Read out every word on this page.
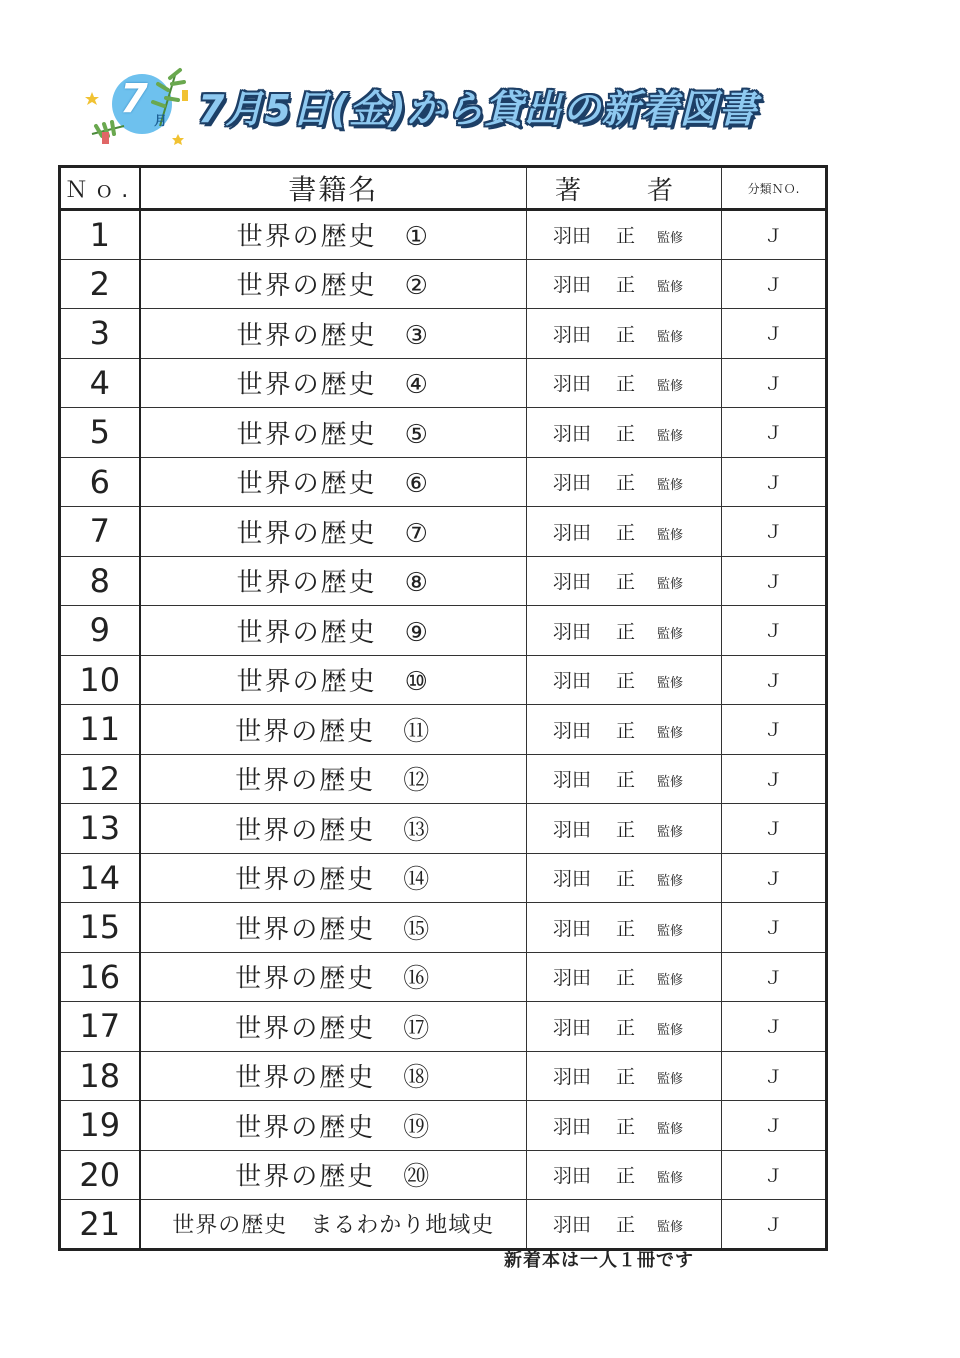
7 月 7月5日(金)から貸出の新着図書
Ｎｏ.	書籍名	著　者	分類ＮＯ.
1	世界の歴史　①	羽田　 正 監修	Ｊ
2	世界の歴史　②	羽田　 正 監修	Ｊ
3	世界の歴史　③	羽田　 正 監修	Ｊ
4	世界の歴史　④	羽田　 正 監修	Ｊ
5	世界の歴史　⑤	羽田　 正 監修	Ｊ
6	世界の歴史　⑥	羽田　 正 監修	Ｊ
7	世界の歴史　⑦	羽田　 正 監修	Ｊ
8	世界の歴史　⑧	羽田　 正 監修	Ｊ
9	世界の歴史　⑨	羽田　 正 監修	Ｊ
10	世界の歴史　⑩	羽田　 正 監修	Ｊ
11	世界の歴史　⑪	羽田　 正 監修	Ｊ
12	世界の歴史　⑫	羽田　 正 監修	Ｊ
13	世界の歴史　⑬	羽田　 正 監修	Ｊ
14	世界の歴史　⑭	羽田　 正 監修	Ｊ
15	世界の歴史　⑮	羽田　 正 監修	Ｊ
16	世界の歴史　⑯	羽田　 正 監修	Ｊ
17	世界の歴史　⑰	羽田　 正 監修	Ｊ
18	世界の歴史　⑱	羽田　 正 監修	Ｊ
19	世界の歴史　⑲	羽田　 正 監修	Ｊ
20	世界の歴史　⑳	羽田　 正 監修	Ｊ
21	世界の歴史　まるわかり地域史	羽田　 正 監修	Ｊ
新着本は一人１冊です
